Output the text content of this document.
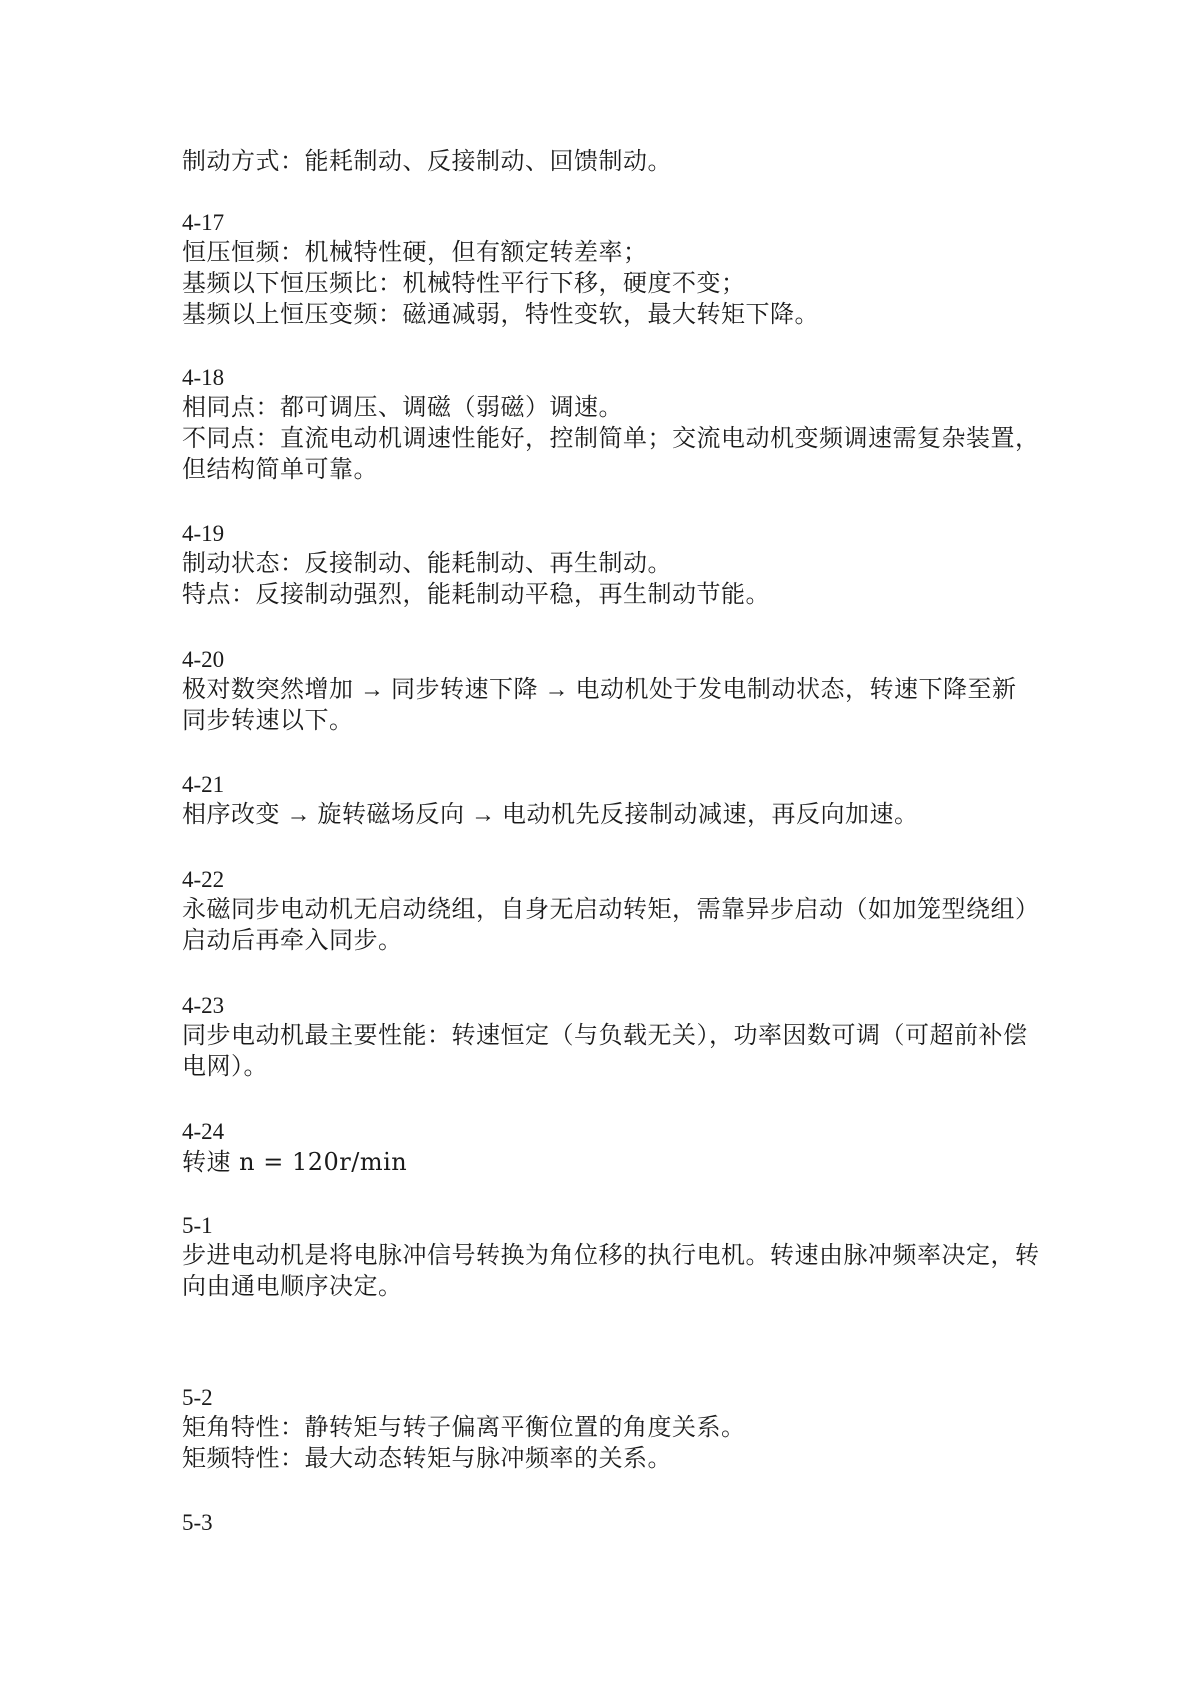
制动方式：能耗制动、反接制动、回馈制动。
4-17
恒压恒频：机械特性硬，但有额定转差率；
基频以下恒压频比：机械特性平行下移，硬度不变；
基频以上恒压变频：磁通减弱，特性变软，最大转矩下降。
4-18
相同点：都可调压、调磁（弱磁）调速。
不同点：直流电动机调速性能好，控制简单；交流电动机变频调速需复杂装置，
但结构简单可靠。
4-19
制动状态：反接制动、能耗制动、再生制动。
特点：反接制动强烈，能耗制动平稳，再生制动节能。
4-20
极对数突然增加 → 同步转速下降 → 电动机处于发电制动状态，转速下降至新
同步转速以下。
4-21
相序改变 → 旋转磁场反向 → 电动机先反接制动减速，再反向加速。
4-22
永磁同步电动机无启动绕组，自身无启动转矩，需靠异步启动（如加笼型绕组）
启动后再牵入同步。
4-23
同步电动机最主要性能：转速恒定（与负载无关），功率因数可调（可超前补偿
电网）。
4-24
转速 n = 120r/min
5-1
步进电动机是将电脉冲信号转换为角位移的执行电机。转速由脉冲频率决定，转
向由通电顺序决定。
5-2
矩角特性：静转矩与转子偏离平衡位置的角度关系。
矩频特性：最大动态转矩与脉冲频率的关系。
5-3
